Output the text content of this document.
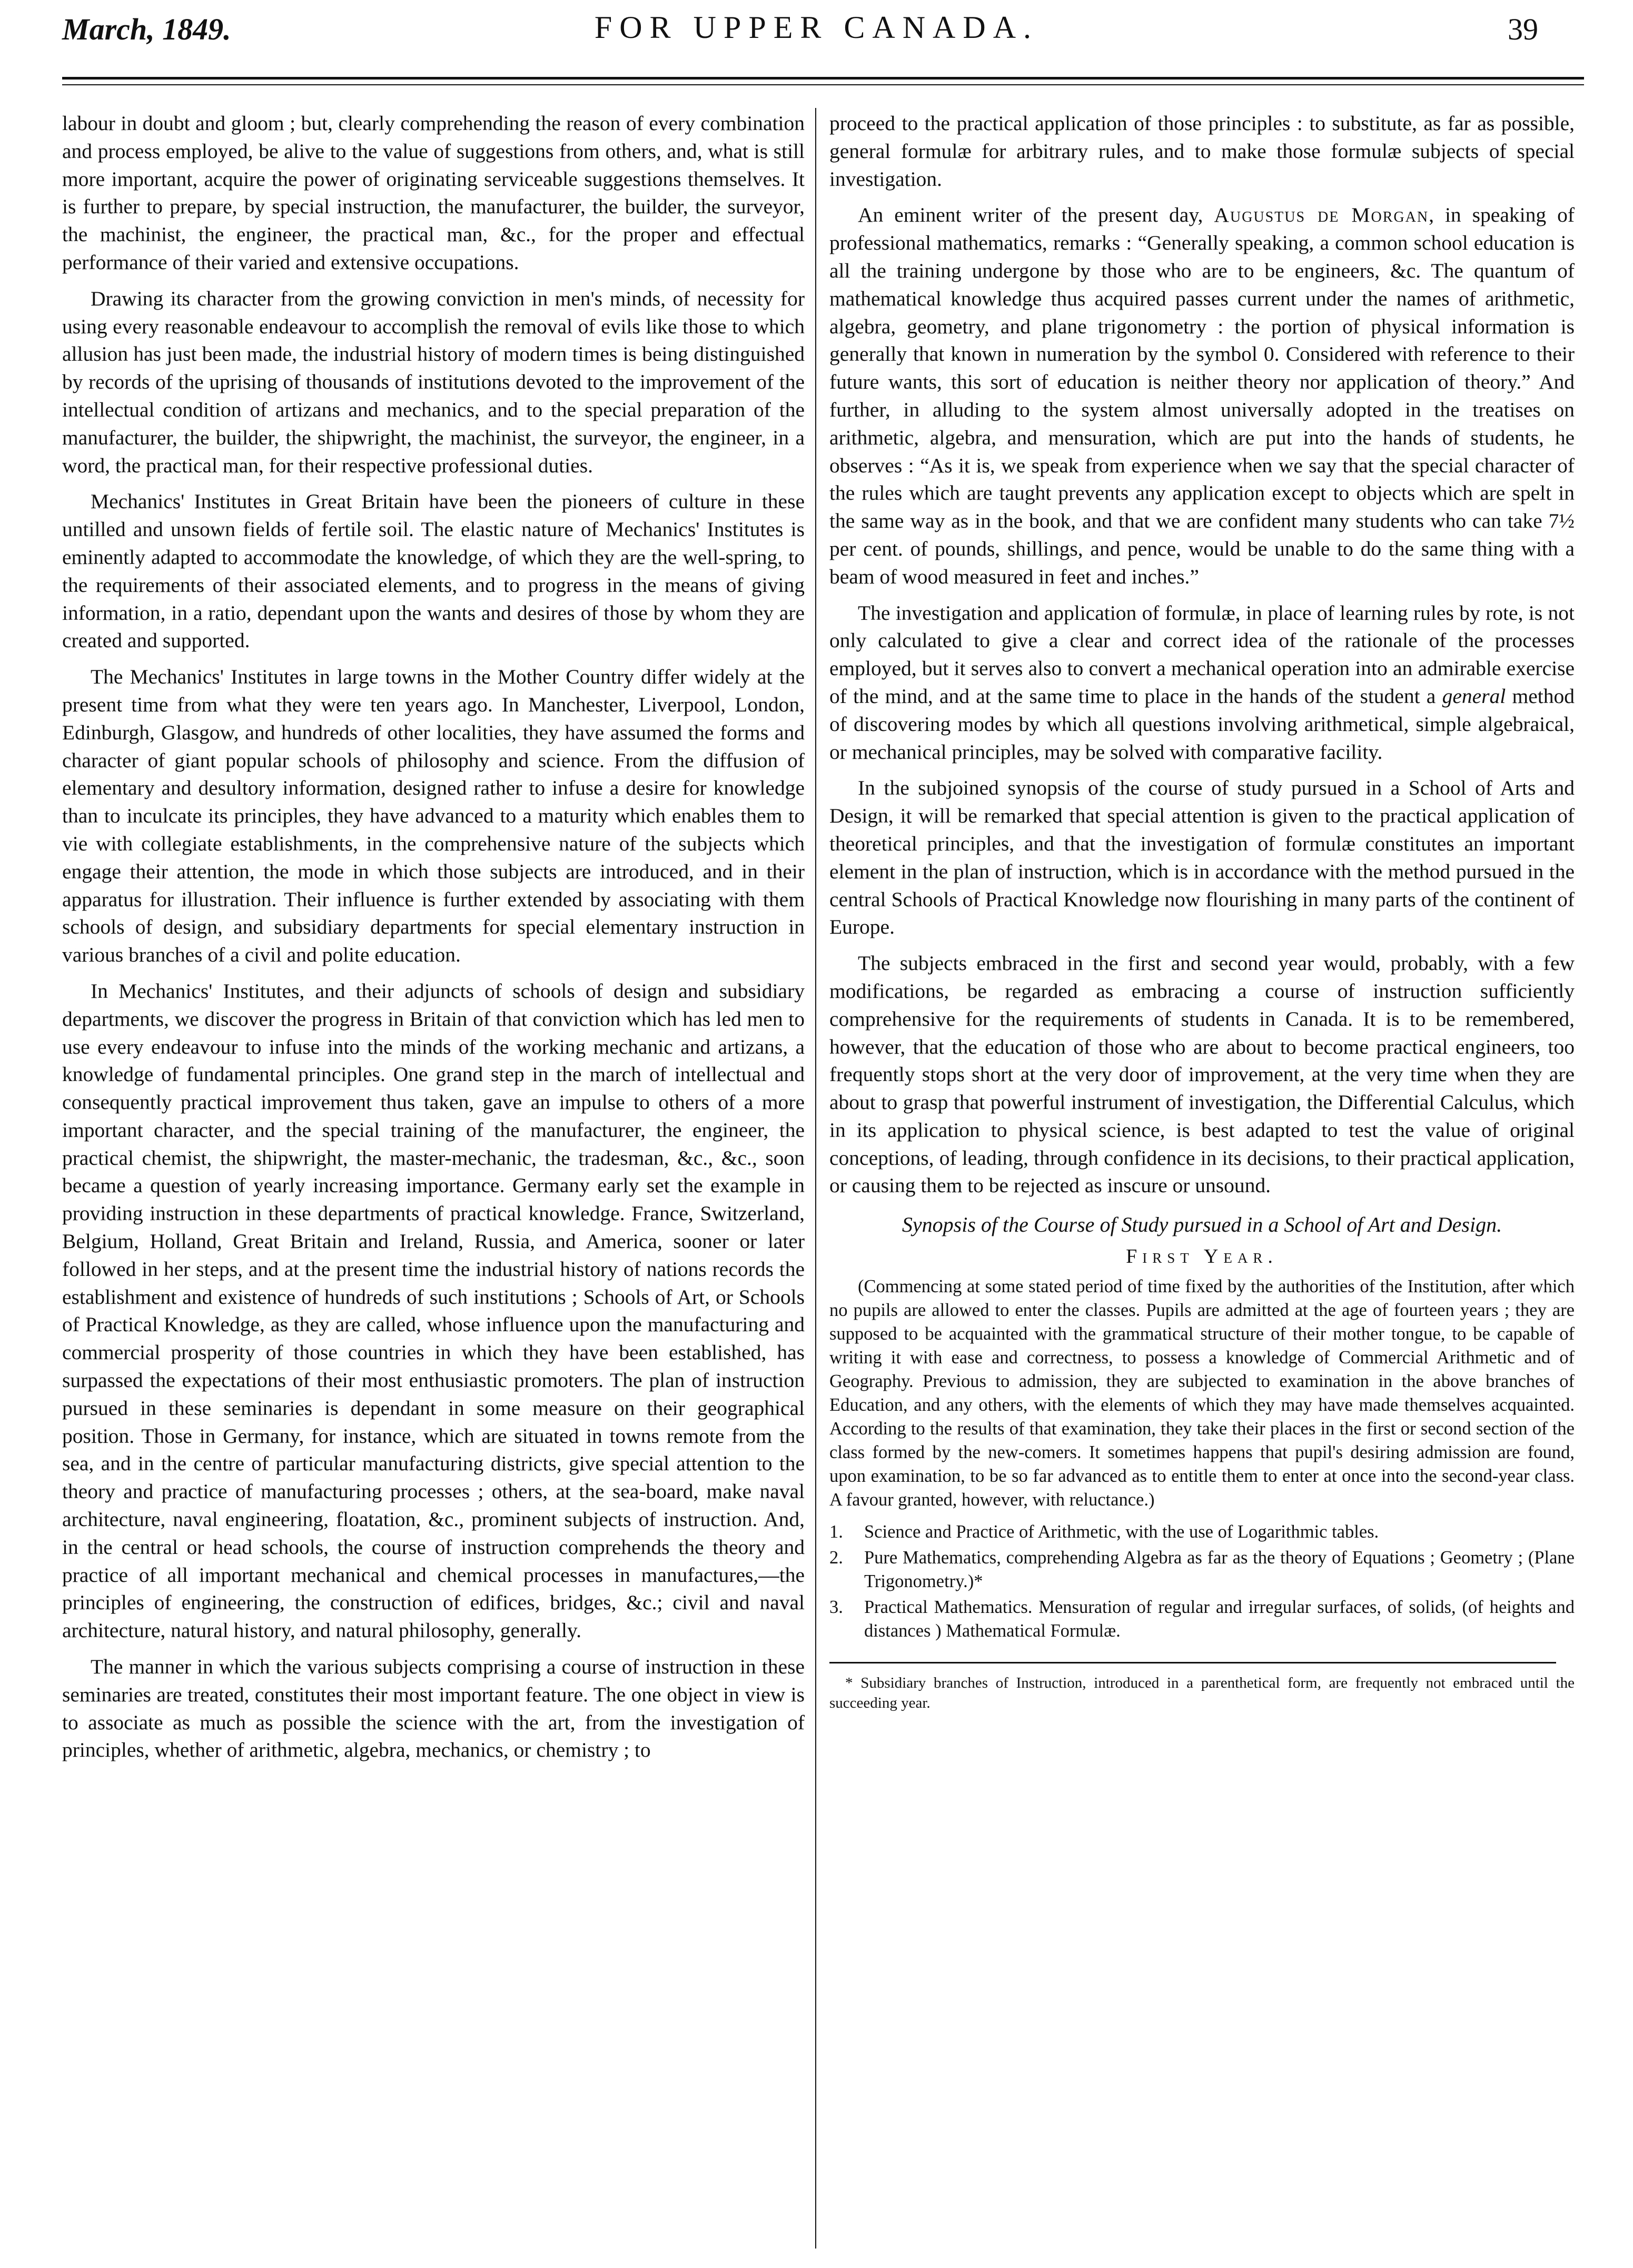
March, 1849.	FOR UPPER CANADA.	39

labour in doubt and gloom ; but, clearly comprehending the reason of every combination and process employed, be alive to the value of suggestions from others, and, what is still more important, acquire the power of originating serviceable suggestions themselves. It is further to prepare, by special instruction, the manufacturer, the builder, the surveyor, the machinist, the engineer, the practical man, &c., for the proper and effectual performance of their varied and extensive occupations.

Drawing its character from the growing conviction in men's minds, of necessity for using every reasonable endeavour to accomplish the removal of evils like those to which allusion has just been made, the industrial history of modern times is being distinguished by records of the uprising of thousands of institutions devoted to the improvement of the intellectual condition of artizans and mechanics, and to the special preparation of the manufacturer, the builder, the shipwright, the machinist, the surveyor, the engineer, in a word, the practical man, for their respective professional duties.

Mechanics' Institutes in Great Britain have been the pioneers of culture in these untilled and unsown fields of fertile soil. The elastic nature of Mechanics' Institutes is eminently adapted to accommodate the knowledge, of which they are the well-spring, to the requirements of their associated elements, and to progress in the means of giving information, in a ratio, dependant upon the wants and desires of those by whom they are created and supported.

The Mechanics' Institutes in large towns in the Mother Country differ widely at the present time from what they were ten years ago. In Manchester, Liverpool, London, Edinburgh, Glasgow, and hundreds of other localities, they have assumed the forms and character of giant popular schools of philosophy and science. From the diffusion of elementary and desultory information, designed rather to infuse a desire for knowledge than to inculcate its principles, they have advanced to a maturity which enables them to vie with collegiate establishments, in the comprehensive nature of the subjects which engage their attention, the mode in which those subjects are introduced, and in their apparatus for illustration. Their influence is further extended by associating with them schools of design, and subsidiary departments for special elementary instruction in various branches of a civil and polite education.

In Mechanics' Institutes, and their adjuncts of schools of design and subsidiary departments, we discover the progress in Britain of that conviction which has led men to use every endeavour to infuse into the minds of the working mechanic and artizans, a knowledge of fundamental principles. One grand step in the march of intellectual and consequently practical improvement thus taken, gave an impulse to others of a more important character, and the special training of the manufacturer, the engineer, the practical chemist, the shipwright, the master-mechanic, the tradesman, &c., &c., soon became a question of yearly increasing importance. Germany early set the example in providing instruction in these departments of practical knowledge. France, Switzerland, Belgium, Holland, Great Britain and Ireland, Russia, and America, sooner or later followed in her steps, and at the present time the industrial history of nations records the establishment and existence of hundreds of such institutions ; Schools of Art, or Schools of Practical Knowledge, as they are called, whose influence upon the manufacturing and commercial prosperity of those countries in which they have been established, has surpassed the expectations of their most enthusiastic promoters. The plan of instruction pursued in these seminaries is dependant in some measure on their geographical position. Those in Germany, for instance, which are situated in towns remote from the sea, and in the centre of particular manufacturing districts, give special attention to the theory and practice of manufacturing processes ; others, at the sea-board, make naval architecture, naval engineering, floatation, &c., prominent subjects of instruction. And, in the central or head schools, the course of instruction comprehends the theory and practice of all important mechanical and chemical processes in manufactures,—the principles of engineering, the construction of edifices, bridges, &c.; civil and naval architecture, natural history, and natural philosophy, generally.

The manner in which the various subjects comprising a course of instruction in these seminaries are treated, constitutes their most important feature. The one object in view is to associate as much as possible the science with the art, from the investigation of principles, whether of arithmetic, algebra, mechanics, or chemistry ; to

proceed to the practical application of those principles : to substitute, as far as possible, general formulæ for arbitrary rules, and to make those formulæ subjects of special investigation.

An eminent writer of the present day, Augustus de Morgan, in speaking of professional mathematics, remarks : “Generally speaking, a common school education is all the training undergone by those who are to be engineers, &c. The quantum of mathematical knowledge thus acquired passes current under the names of arithmetic, algebra, geometry, and plane trigonometry : the portion of physical information is generally that known in numeration by the symbol 0. Considered with reference to their future wants, this sort of education is neither theory nor application of theory.” And further, in alluding to the system almost universally adopted in the treatises on arithmetic, algebra, and mensuration, which are put into the hands of students, he observes : “As it is, we speak from experience when we say that the special character of the rules which are taught prevents any application except to objects which are spelt in the same way as in the book, and that we are confident many students who can take 7½ per cent. of pounds, shillings, and pence, would be unable to do the same thing with a beam of wood measured in feet and inches.”

The investigation and application of formulæ, in place of learning rules by rote, is not only calculated to give a clear and correct idea of the rationale of the processes employed, but it serves also to convert a mechanical operation into an admirable exercise of the mind, and at the same time to place in the hands of the student a general method of discovering modes by which all questions involving arithmetical, simple algebraical, or mechanical principles, may be solved with comparative facility.

In the subjoined synopsis of the course of study pursued in a School of Arts and Design, it will be remarked that special attention is given to the practical application of theoretical principles, and that the investigation of formulæ constitutes an important element in the plan of instruction, which is in accordance with the method pursued in the central Schools of Practical Knowledge now flourishing in many parts of the continent of Europe.

The subjects embraced in the first and second year would, probably, with a few modifications, be regarded as embracing a course of instruction sufficiently comprehensive for the requirements of students in Canada. It is to be remembered, however, that the education of those who are about to become practical engineers, too frequently stops short at the very door of improvement, at the very time when they are about to grasp that powerful instrument of investigation, the Differential Calculus, which in its application to physical science, is best adapted to test the value of original conceptions, of leading, through confidence in its decisions, to their practical application, or causing them to be rejected as inscure or unsound.

Synopsis of the Course of Study pursued in a School of Art and Design.
First Year.

(Commencing at some stated period of time fixed by the authorities of the Institution, after which no pupils are allowed to enter the classes. Pupils are admitted at the age of fourteen years ; they are supposed to be acquainted with the grammatical structure of their mother tongue, to be capable of writing it with ease and correctness, to possess a knowledge of Commercial Arithmetic and of Geography. Previous to admission, they are subjected to examination in the above branches of Education, and any others, with the elements of which they may have made themselves acquainted. According to the results of that examination, they take their places in the first or second section of the class formed by the new-comers. It sometimes happens that pupil's desiring admission are found, upon examination, to be so far advanced as to entitle them to enter at once into the second-year class. A favour granted, however, with reluctance.)

1. Science and Practice of Arithmetic, with the use of Logarithmic tables.
2. Pure Mathematics, comprehending Algebra as far as the theory of Equations ; Geometry ; (Plane Trigonometry.)*
3. Practical Mathematics. Mensuration of regular and irregular surfaces, of solids, (of heights and distances ) Mathematical Formulæ.

* Subsidiary branches of Instruction, introduced in a parenthetical form, are frequently not embraced until the succeeding year.
